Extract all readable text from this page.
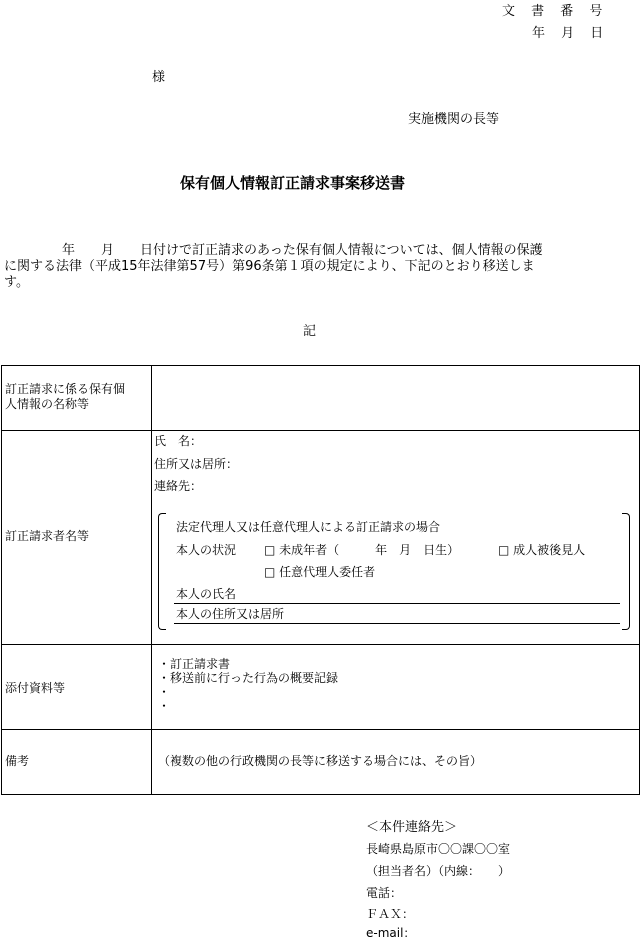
文 書 番 号
年 月 日
様
実施機関の長等
保有個人情報訂正請求事案移送書
年　　月　　日付けで訂正請求のあった保有個人情報については、個人情報の保護
に関する法律（平成15年法律第57号）第96条第１項の規定により、下記のとおり移送しま
す。
記
訂正請求に係る保有個
人情報の名称等
訂正請求者名等
氏　名：
住所又は居所：
連絡先：
法定代理人又は任意代理人による訂正請求の場合
本人の状況 □ 未成年者（　　　年　月　日生）	□ 成人被後見人
□ 任意代理人委任者
本人の氏名
本人の住所又は居所
添付資料等
・訂正請求書
・移送前に行った行為の概要記録
・
・
備考	（複数の他の行政機関の長等に移送する場合には、その旨）
＜本件連絡先＞
長崎県島原市〇〇課〇〇室
（担当者名）（内線：　　）
電話：
ＦＡＸ：
e-mail：
